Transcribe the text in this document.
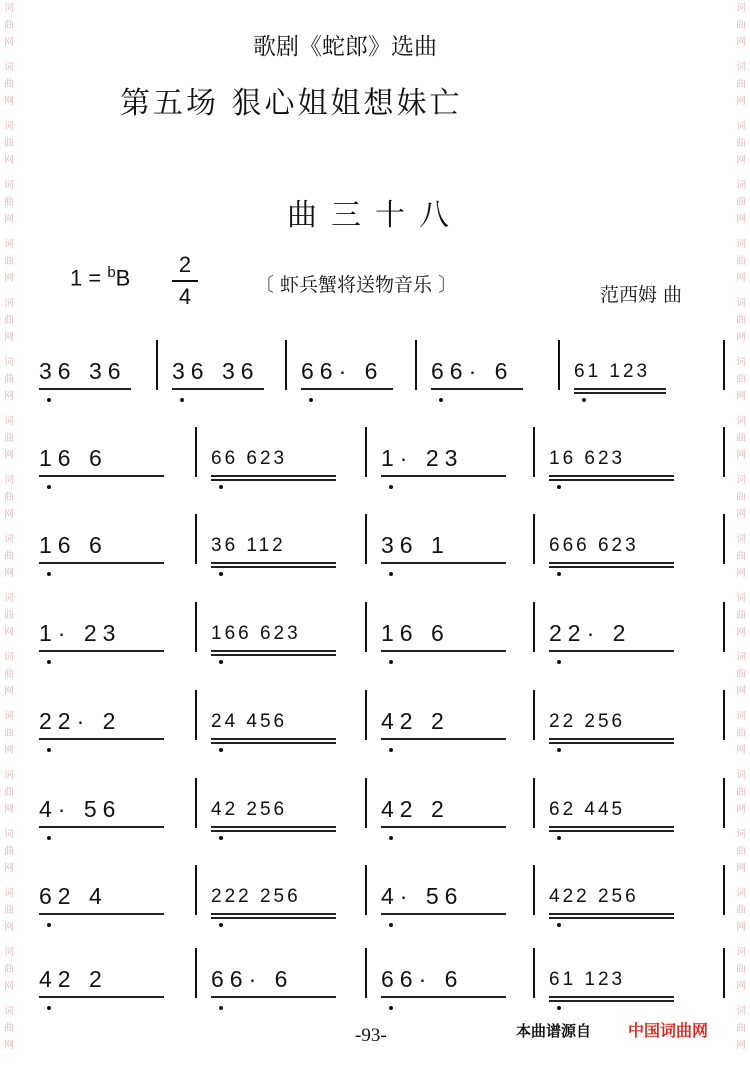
词
曲
网
词
曲
网
词
曲
网
词
曲
网
词
曲
网
词
曲
网
词
曲
网
词
曲
网
词
曲
网
词
曲
网
词
曲
网
词
曲
网
词
曲
网
词
曲
网
词
曲
网
词
曲
网
词
曲
网
词
曲
网
词
曲
网
词
曲
网
词
曲
网
词
曲
网
词
曲
网
词
曲
网
词
曲
网
词
曲
网
词
曲
网
词
曲
网
词
曲
网
词
曲
网
词
曲
网
词
曲
网
词
曲
网
词
曲
网
词
曲
网
词
曲
网
歌剧《蛇郎》选曲
第五场 狠心姐姐想妹亡
曲三十八
1 = $^b$B
2
4	〔 虾兵蟹将送物音乐 〕	范西姆 曲
36 36 36 36 66· 6 66· 6	61 123
16 6	66 623	1· 23	16 623
16 6	36 112	36 1	666 623
1· 23	166 623	16 6	22· 2
22· 2	24 456	42 2	22 256
4· 56	42 256	42 2	62 445
62 4	222 256	4· 56	422 256
42 2	66· 6	66· 6	61 123
-93-	本曲谱源自 中国词曲网
